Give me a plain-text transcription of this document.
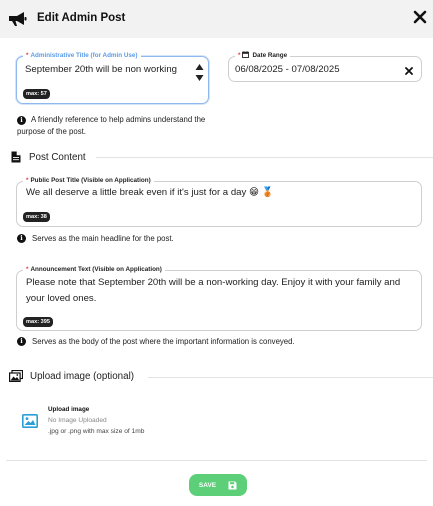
Edit Admin Post
* Administrative Title (for Admin Use)
September 20th will be non working
max: 57
* Date Range
06/08/2025 - 07/08/2025
i	A friendly reference to help admins understand the purpose of the post.
Post Content
* Public Post Title (Visible on Application)
We all deserve a little break even if it's just for a day 😁 🥉
max: 38
i	Serves as the main headline for the post.
* Announcement Text (Visible on Application)
Please note that September 20th will be a non-working day. Enjoy it with your family and your loved ones.
max: 395
i	Serves as the body of the post where the important information is conveyed.
Upload image (optional)
Upload image
No Image Uploaded
.jpg or .png with max size of 1mb
SAVE
